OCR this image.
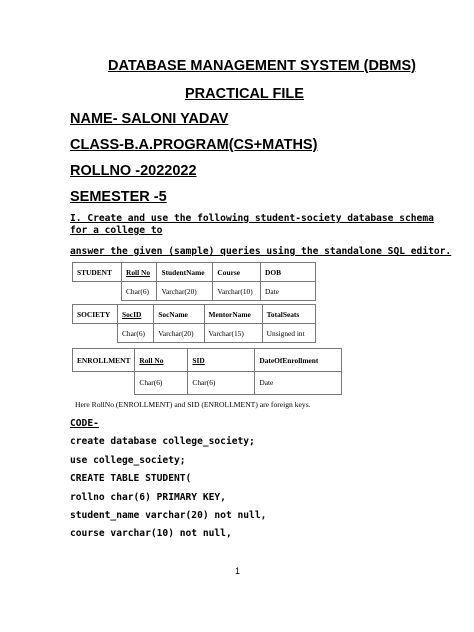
DATABASE MANAGEMENT SYSTEM (DBMS)
PRACTICAL FILE
NAME- SALONI YADAV
CLASS-B.A.PROGRAM(CS+MATHS)
ROLLNO -2022022
SEMESTER -5
I. Create and use the following student-society database schema
for a college to
answer the given (sample) queries using the standalone SQL editor.
STUDENT	Roll No	StudentName	Course	DOB
	Char(6)	Varchar(20)	Varchar(10)	Date
SOCIETY	SocID	SocName	MentorName	TotalSeats
	Char(6)	Varchar(20)	Varchar(15)	Unsigned int
ENROLLMENT	Roll No	SID	DateOfEnrollment
	Char(6)	Char(6)	Date
Here RollNo (ENROLLMENT) and SID (ENROLLMENT) are foreign keys.
CODE-
create database college_society;
use college_society;
CREATE TABLE STUDENT(
rollno char(6) PRIMARY KEY,
student_name varchar(20) not null,
course varchar(10) not null,
1
